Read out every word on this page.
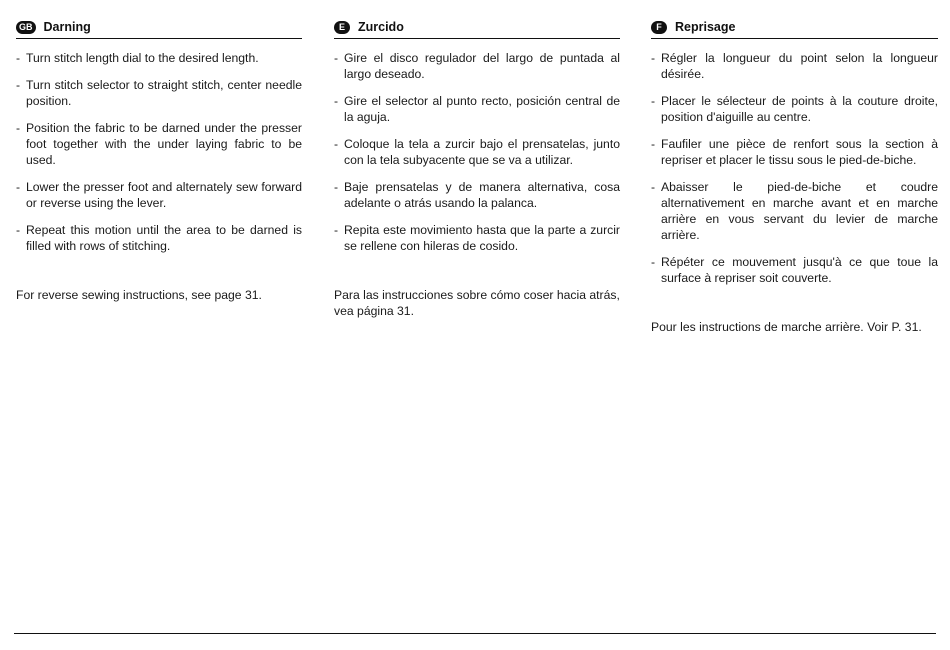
GB Darning
- Turn stitch length dial to the desired length.
- Turn stitch selector to straight stitch, center needle position.
- Position the fabric to be darned under the presser foot together with the under laying fabric to be used.
- Lower the presser foot and alternately sew forward or reverse using the lever.
- Repeat this motion until the area to be darned is filled with rows of stitching.
For reverse sewing instructions, see page 31.
E	Zurcido
- Gire el disco regulador del largo de puntada al largo deseado.
- Gire el selector al punto recto, posición central de la aguja.
- Coloque la tela a zurcir bajo el prensatelas, junto con la tela subyacente que se va a utilizar.
- Baje prensatelas y de manera alternativa, cosa adelante o atrás usando la palanca.
- Repita este movimiento hasta que la parte a zurcir se rellene con hileras de cosido.
Para las instrucciones sobre cómo coser hacia atrás, vea página 31.
F	Reprisage
- Régler la longueur du point selon la longueur désirée.
- Placer le sélecteur de points à la couture droite, position d'aiguille au centre.
- Faufiler une pièce de renfort sous la section à repriser et placer le tissu sous le pied-de-biche.
- Abaisser le pied-de-biche et coudre alternativement en marche avant et en marche arrière en vous servant du levier de marche arrière.
- Répéter ce mouvement jusqu'à ce que toue la surface à repriser soit couverte.
Pour les instructions de marche arrière. Voir P. 31.
